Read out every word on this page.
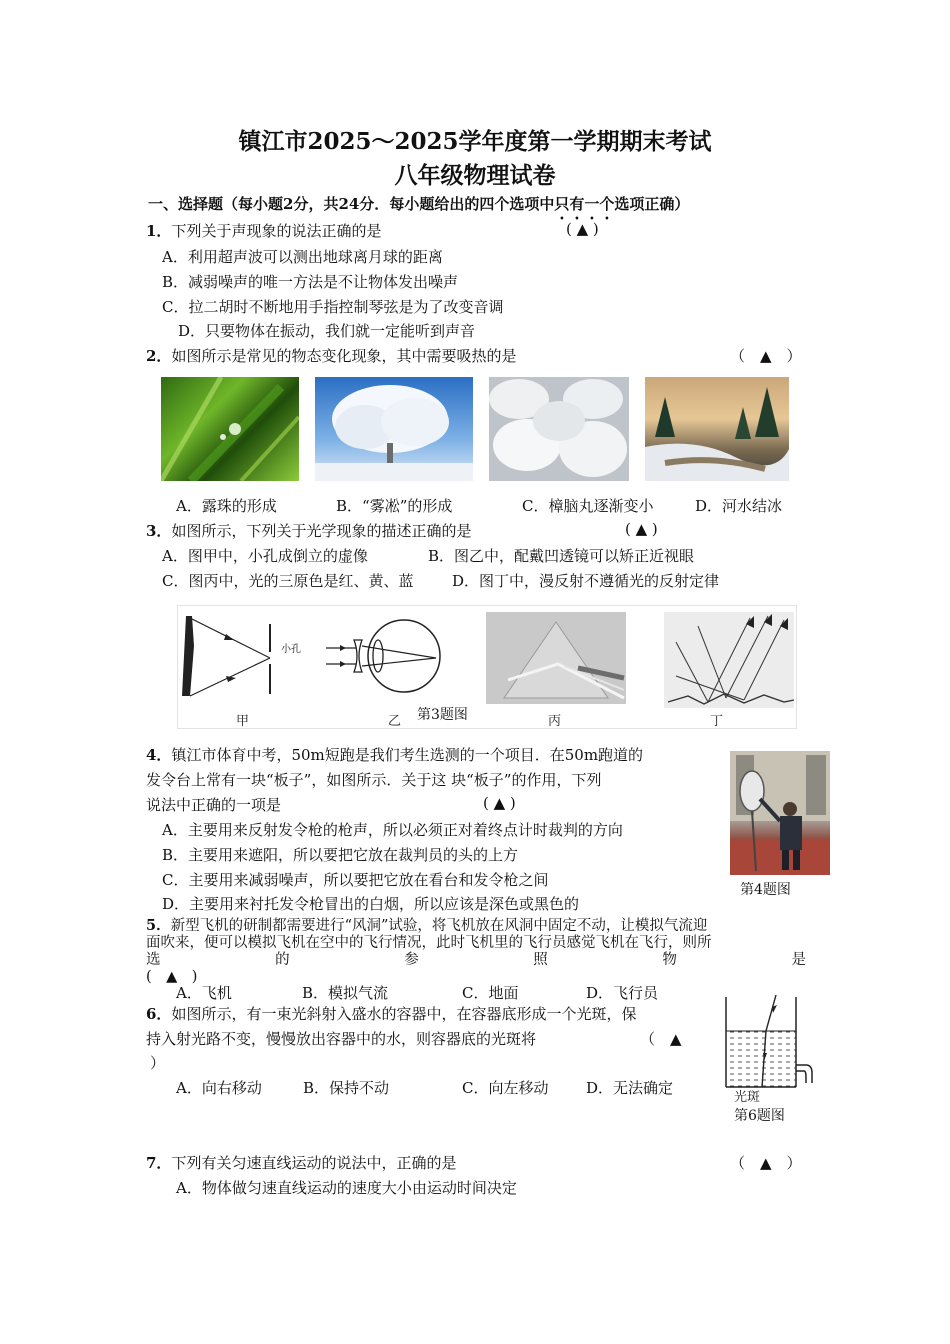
镇江市2025～2025学年度第一学期期末考试
八年级物理试卷
一、选择题（每小题2分，共24分．每小题给出的四个选项中只有一个选项正确）
1．下列关于声现象的说法正确的是	( ▲ )
A．利用超声波可以测出地球离月球的距离
B．减弱噪声的唯一方法是不让物体发出噪声
C．拉二胡时不断地用手指控制琴弦是为了改变音调
D．只要物体在振动，我们就一定能听到声音
2．如图所示是常见的物态变化现象，其中需要吸热的是	（　▲　）
A．露珠的形成	B．“雾凇”的形成	C．樟脑丸逐渐变小	D．河水结冰
3．如图所示，下列关于光学现象的描述正确的是	( ▲ )
A．图甲中，小孔成倒立的虚像	B．图乙中，配戴凹透镜可以矫正近视眼
C．图丙中，光的三原色是红、黄、蓝	D．图丁中，漫反射不遵循光的反射定律
小孔
甲	乙	丙	丁
第3题图
4．镇江市体育中考，50m短跑是我们考生选测的一个项目．在50m跑道的
发令台上常有一块“板子”，如图所示．关于这 块“板子”的作用，下列
说法中正确的一项是	( ▲ )
A．主要用来反射发令枪的枪声，所以必须正对着终点计时裁判的方向
B．主要用来遮阳，所以要把它放在裁判员的头的上方
C．主要用来减弱噪声，所以要把它放在看台和发令枪之间
D．主要用来衬托发令枪冒出的白烟，所以应该是深色或黑色的
第4题图
5．新型飞机的研制都需要进行“风洞”试验，将飞机放在风洞中固定不动，让模拟气流迎
面吹来，便可以模拟飞机在空中的飞行情况，此时飞机里的飞行员感觉飞机在飞行，则所
选　　　　的　　　　参　　　　照　　　　物　　　　是
(　▲　)
A．飞机	B．模拟气流	C．地面	D．飞行员
6．如图所示，有一束光斜射入盛水的容器中，在容器底形成一个光斑，保
持入射光路不变，慢慢放出容器中的水，则容器底的光斑将	（　▲
）
A．向右移动	B．保持不动	C．向左移动	D．无法确定
光斑
第6题图
7．下列有关匀速直线运动的说法中，正确的是	（　▲　）
A．物体做匀速直线运动的速度大小由运动时间决定
